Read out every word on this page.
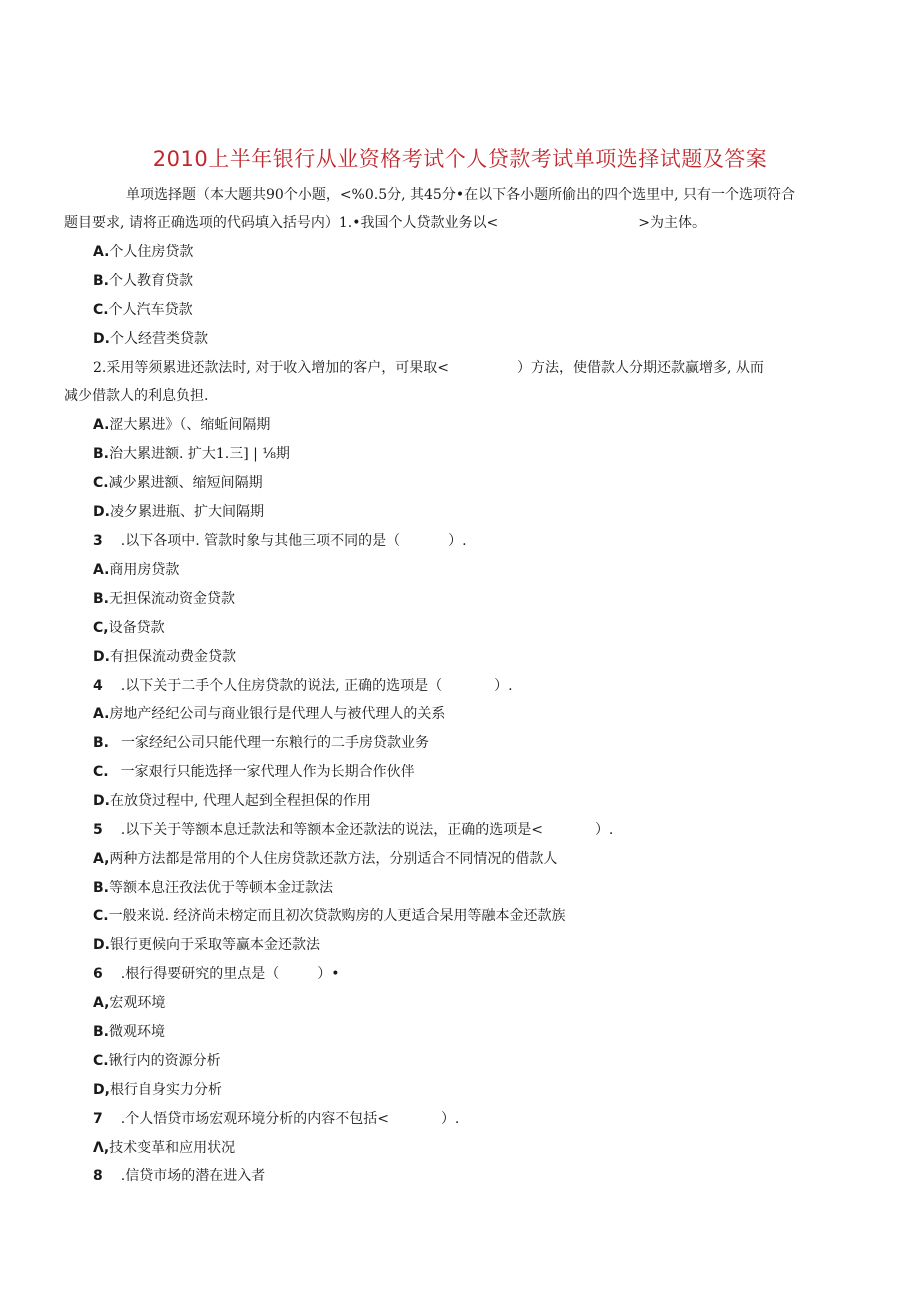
2010上半年银行从业资格考试个人贷款考试单项选择试题及答案
单项选择题（本大题共90个小题，<%0.5分, 其45分•在以下各小题所偷出的四个选里中, 只有一个选项符合
题目要求, 请将正确选项的代码填入括号内）1.•我国个人贷款业务以<	>为主体。
A.个人住房贷款
B.个人教育贷款
C.个人汽车贷款
D.个人经营类贷款
2.采用等须累进还款法时, 对于收入增加的客户，可果取<	）方法，使借款人分期还款赢增多, 从而
减少借款人的利息负担.
A.涩大累进》（、缩蚯间隔期
B.治大累进额. 扩大1.三] | ⅛期
C.减少累进额、缩短间隔期
D.凌夕累进瓶、扩大间隔期
3 .以下各项中. 管款时象与其他三项不同的是（	）.
A.商用房贷款
B.无担保流动资金贷款
C,设备贷款
D.有担保流动费金贷款
4 .以下关于二手个人住房贷款的说法, 正确的选项是（	）.
A.房地产经纪公司与商业银行是代理人与被代理人的关系
B. 一家经纪公司只能代理一东粮行的二手房贷款业务
C. 一家艰行只能选择一家代理人作为长期合作伙伴
D.在放贷过程中, 代理人起到全程担保的作用
5 .以下关于等额本息迁款法和等额本金还款法的说法，正确的选项是<	）.
A,两种方法都是常用的个人住房贷款还款方法，分别适合不同情况的借款人
B.等额本息汪孜法优于等顿本金迂款法
C.一般来说. 经济尚未榜定而且初次贷款购房的人更适合杲用等融本金还款族
D.银行更候向于采取等赢本金还款法
6 .根行得要研究的里点是（	）•
A,宏观环境
B.微观环境
C.锹行内的资源分析
D,根行自身实力分析
7 .个人悟贷市场宏观环境分析的内容不包括<	）.
Λ,技术变革和应用状况
8 .信贷市场的潜在进入者
